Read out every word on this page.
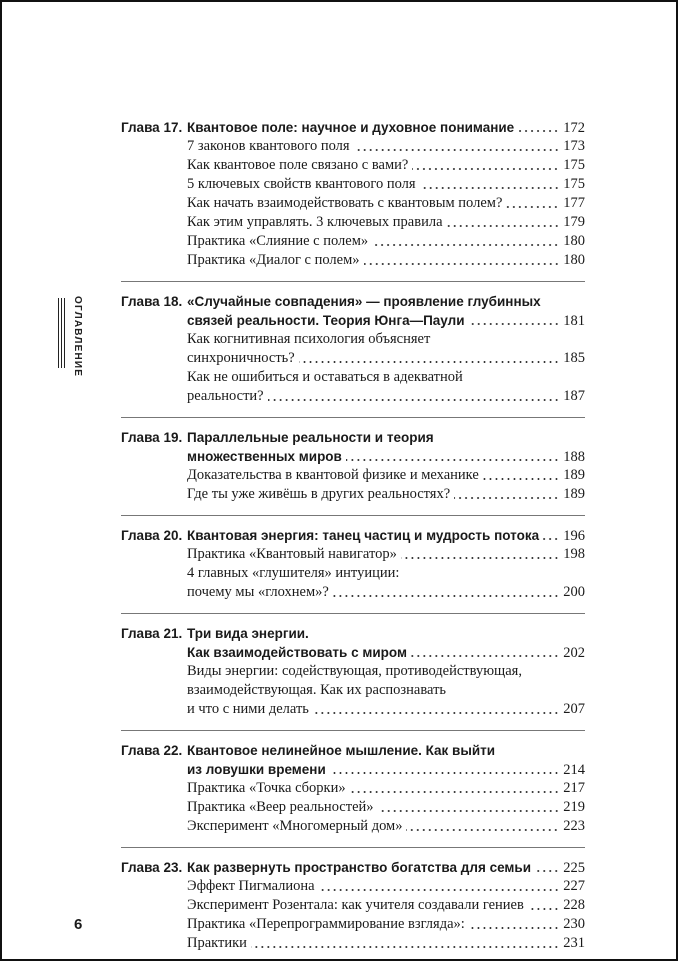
ОГЛАВЛЕНИЕ
Глава 17. Квантовое поле: научное и духовное понимание	172
7 законов квантового поля	173
Как квантовое поле связано с вами?	175
5 ключевых свойств квантового поля	175
Как начать взаимодействовать с квантовым полем?	177
Как этим управлять. 3 ключевых правила	179
Практика «Слияние с полем»	180
Практика «Диалог с полем»	180
Глава 18. «Случайные совпадения» — проявление глубинных
связей реальности. Теория Юнга—Паули	181
Как когнитивная психология объясняет
синхроничность?	185
Как не ошибиться и оставаться в адекватной
реальности?	187
Глава 19. Параллельные реальности и теория
множественных миров	188
Доказательства в квантовой физике и механике	189
Где ты уже живёшь в других реальностях?	189
Глава 20. Квантовая энергия: танец частиц и мудрость потока 196
Практика «Квантовый навигатор»	198
4 главных «глушителя» интуиции:
почему мы «глохнем»?	200
Глава 21. Три вида энергии.
Как взаимодействовать с миром	202
Виды энергии: содействующая, противодействующая,
взаимодействующая. Как их распознавать
и что с ними делать	207
Глава 22. Квантовое нелинейное мышление. Как выйти
из ловушки времени	214
Практика «Точка сборки»	217
Практика «Веер реальностей»	219
Эксперимент «Многомерный дом»	223
Глава 23. Как развернуть пространство богатства для семьи 225
Эффект Пигмалиона	227
Эксперимент Розентала: как учителя создавали гениев	228
Практика «Перепрограммирование взгляда»:	230
Практики	231
6
